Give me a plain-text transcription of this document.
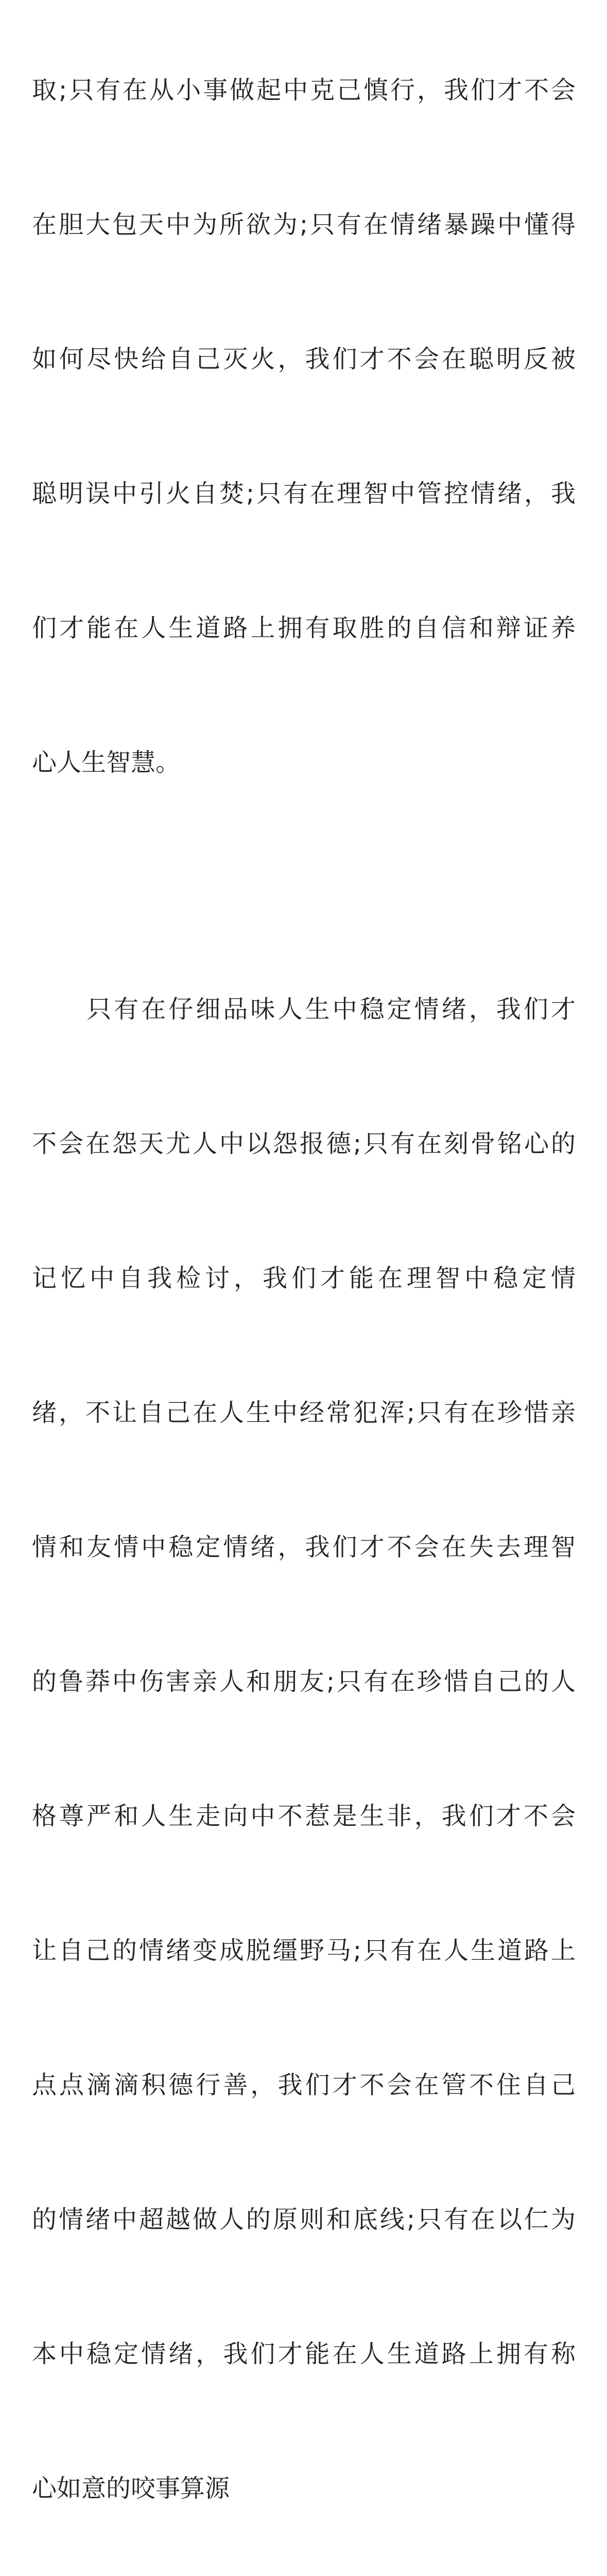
取;只有在从小事做起中克己慎行，我们才不会

在胆大包天中为所欲为;只有在情绪暴躁中懂得

如何尽快给自己灭火，我们才不会在聪明反被

聪明误中引火自焚;只有在理智中管控情绪，我

们才能在人生道路上拥有取胜的自信和辩证养

心人生智慧。

　　只有在仔细品味人生中稳定情绪，我们才

不会在怨天尤人中以怨报德;只有在刻骨铭心的

记忆中自我检讨，我们才能在理智中稳定情

绪，不让自己在人生中经常犯浑;只有在珍惜亲

情和友情中稳定情绪，我们才不会在失去理智

的鲁莽中伤害亲人和朋友;只有在珍惜自己的人

格尊严和人生走向中不惹是生非，我们才不会

让自己的情绪变成脱缰野马;只有在人生道路上

点点滴滴积德行善，我们才不会在管不住自己

的情绪中超越做人的原则和底线;只有在以仁为

本中稳定情绪，我们才能在人生道路上拥有称

心如意的咬事算源
